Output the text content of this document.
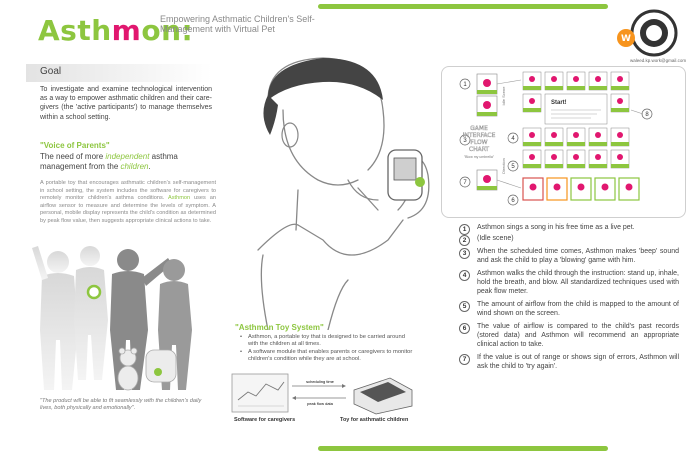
Asthmon:
Empowering Asthmatic Children's Self-Management with Virtual Pet
W
waleed.kp.work@gmail.com
Goal
To investigate and examine technological intervention as a way to empower asthmatic children and their care-givers (the 'active participants') to manage themselves within a school setting.
"Voice of Parents"
The need of more independent asthma management from the children.
A portable toy that encourages asthmatic children's self-management in school setting, the system includes the software for caregivers to remotely monitor children's asthma conditions. Asthmon uses an airflow sensor to measure and determine the levels of symptom. A personal, mobile display represents the child's condition as determined by peak flow value, then suggests appropriate clinical actions to take.
"The product will be able to fit seamlessly with the children's daily lives, both physically and emotionally".
"Asthmon Toy System"
• Asthmon, a portable toy that is designed to be carried around with the children at all times.
• A software module that enables parents or caregivers to monitor children's condition while they are at school.
scheduling time
peak flow data
Software for caregivers	Toy for asthmatic children
1
3
7
4
5
6
8
Idle Scene
Direction
GAME
INTERFACE
FLOW
CHART
"Blow my umbrella"
Start!
1	Asthmon sings a song in his free time as a live pet.
2	(Idle scene)
3	When the scheduled time comes, Asthmon makes 'beep' sound and ask the child to play a 'blowing' game with him.
4	Asthmon walks the child through the instruction: stand up, inhale, hold the breath, and blow. All standardized techniques used with peak flow meter.
5	The amount of airflow from the child is mapped to the amount of wind shown on the screen.
6	The value of airflow is compared to the child's past records (stored data) and Asthmon will recommend an appropriate clinical action to take.
7	If the value is out of range or shows sign of errors, Asthmon will ask the child to 'try again'.
